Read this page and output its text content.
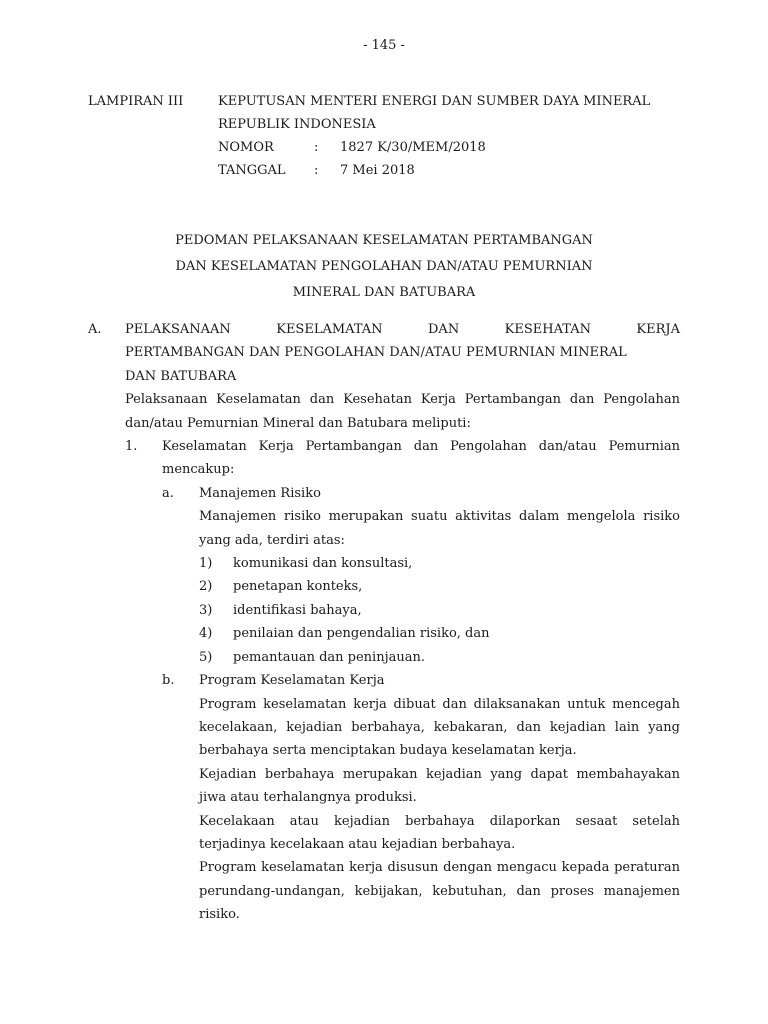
- 145 -
LAMPIRAN III	KEPUTUSAN MENTERI ENERGI DAN SUMBER DAYA MINERAL
REPUBLIK INDONESIA
NOMOR	:	1827 K/30/MEM/2018
TANGGAL	:	7 Mei 2018
PEDOMAN PELAKSANAAN KESELAMATAN PERTAMBANGAN
DAN KESELAMATAN PENGOLAHAN DAN/ATAU PEMURNIAN
MINERAL DAN BATUBARA
A.	PELAKSANAAN KESELAMATAN DAN KESEHATAN KERJA
PERTAMBANGAN DAN PENGOLAHAN DAN/ATAU PEMURNIAN MINERAL
DAN BATUBARA
Pelaksanaan Keselamatan dan Kesehatan Kerja Pertambangan dan Pengolahan dan/atau Pemurnian Mineral dan Batubara meliputi:
1.	Keselamatan Kerja Pertambangan dan Pengolahan dan/atau Pemurnian mencakup:
a.	Manajemen Risiko
Manajemen risiko merupakan suatu aktivitas dalam mengelola risiko yang ada, terdiri atas:
1)	komunikasi dan konsultasi,
2)	penetapan konteks,
3)	identifikasi bahaya,
4)	penilaian dan pengendalian risiko, dan
5)	pemantauan dan peninjauan.
b.	Program Keselamatan Kerja
Program keselamatan kerja dibuat dan dilaksanakan untuk mencegah kecelakaan, kejadian berbahaya, kebakaran, dan kejadian lain yang berbahaya serta menciptakan budaya keselamatan kerja.
Kejadian berbahaya merupakan kejadian yang dapat membahayakan jiwa atau terhalangnya produksi.
Kecelakaan atau kejadian berbahaya dilaporkan sesaat setelah terjadinya kecelakaan atau kejadian berbahaya.
Program keselamatan kerja disusun dengan mengacu kepada peraturan perundang-undangan, kebijakan, kebutuhan, dan proses manajemen risiko.
